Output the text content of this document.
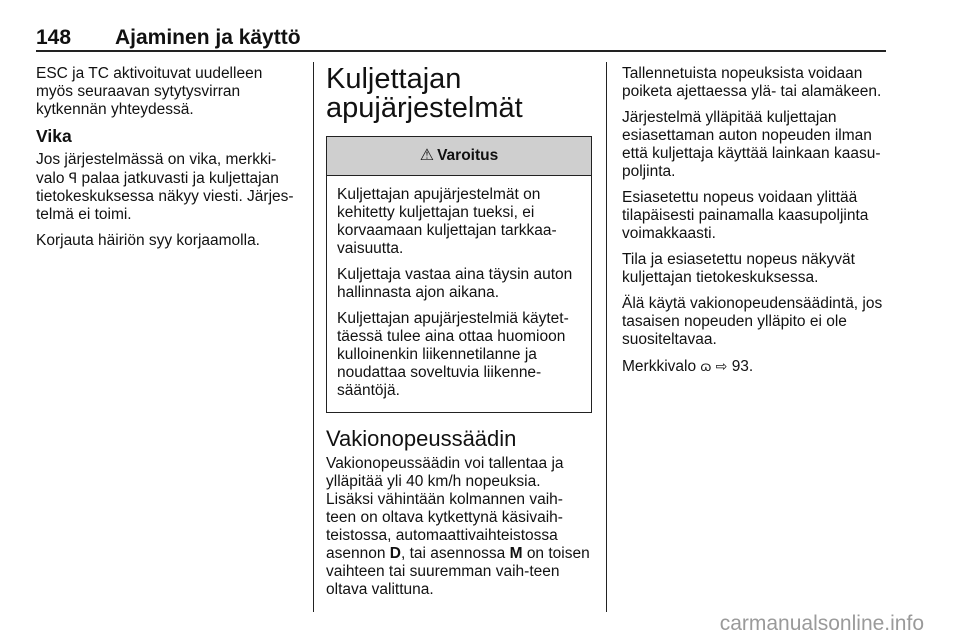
148 Ajaminen ja käyttö

ESC ja TC aktivoituvat uudelleen myös seuraavan sytytysvirran kytkennän yhteydessä.

Vika

Jos järjestelmässä on vika, merkki-valo ꟼ palaa jatkuvasti ja kuljettajan tietokeskuksessa näkyy viesti. Järjes-telmä ei toimi.

Korjauta häiriön syy korjaamolla.

Kuljettajan apujärjestelmät
⚠ Varoitus

Kuljettajan apujärjestelmät on kehitetty kuljettajan tueksi, ei korvaamaan kuljettajan tarkkaa-vaisuutta.

Kuljettaja vastaa aina täysin auton hallinnasta ajon aikana.

Kuljettajan apujärjestelmiä käytet-täessä tulee aina ottaa huomioon kulloinenkin liikennetilanne ja noudattaa soveltuvia liikenne-sääntöjä.

Vakionopeussäädin

Vakionopeussäädin voi tallentaa ja ylläpitää yli 40 km/h nopeuksia. Lisäksi vähintään kolmannen vaih-teen on oltava kytkettynä käsivaih-teistossa, automaattivaihteistossa asennon D, tai asennossa M on toisen vaihteen tai suuremman vaih-teen oltava valittuna.

Tallennetuista nopeuksista voidaan poiketa ajettaessa ylä- tai alamäkeen.

Järjestelmä ylläpitää kuljettajan esiasettaman auton nopeuden ilman että kuljettaja käyttää lainkaan kaasu-poljinta.

Esiasetettu nopeus voidaan ylittää tilapäisesti painamalla kaasupoljinta voimakkaasti.

Tila ja esiasetettu nopeus näkyvät kuljettajan tietokeskuksessa.

Älä käytä vakionopeudensäädintä, jos tasaisen nopeuden ylläpito ei ole suositeltavaa.

Merkkivalo ɷ ⇨ 93.

carmanualsonline.info
